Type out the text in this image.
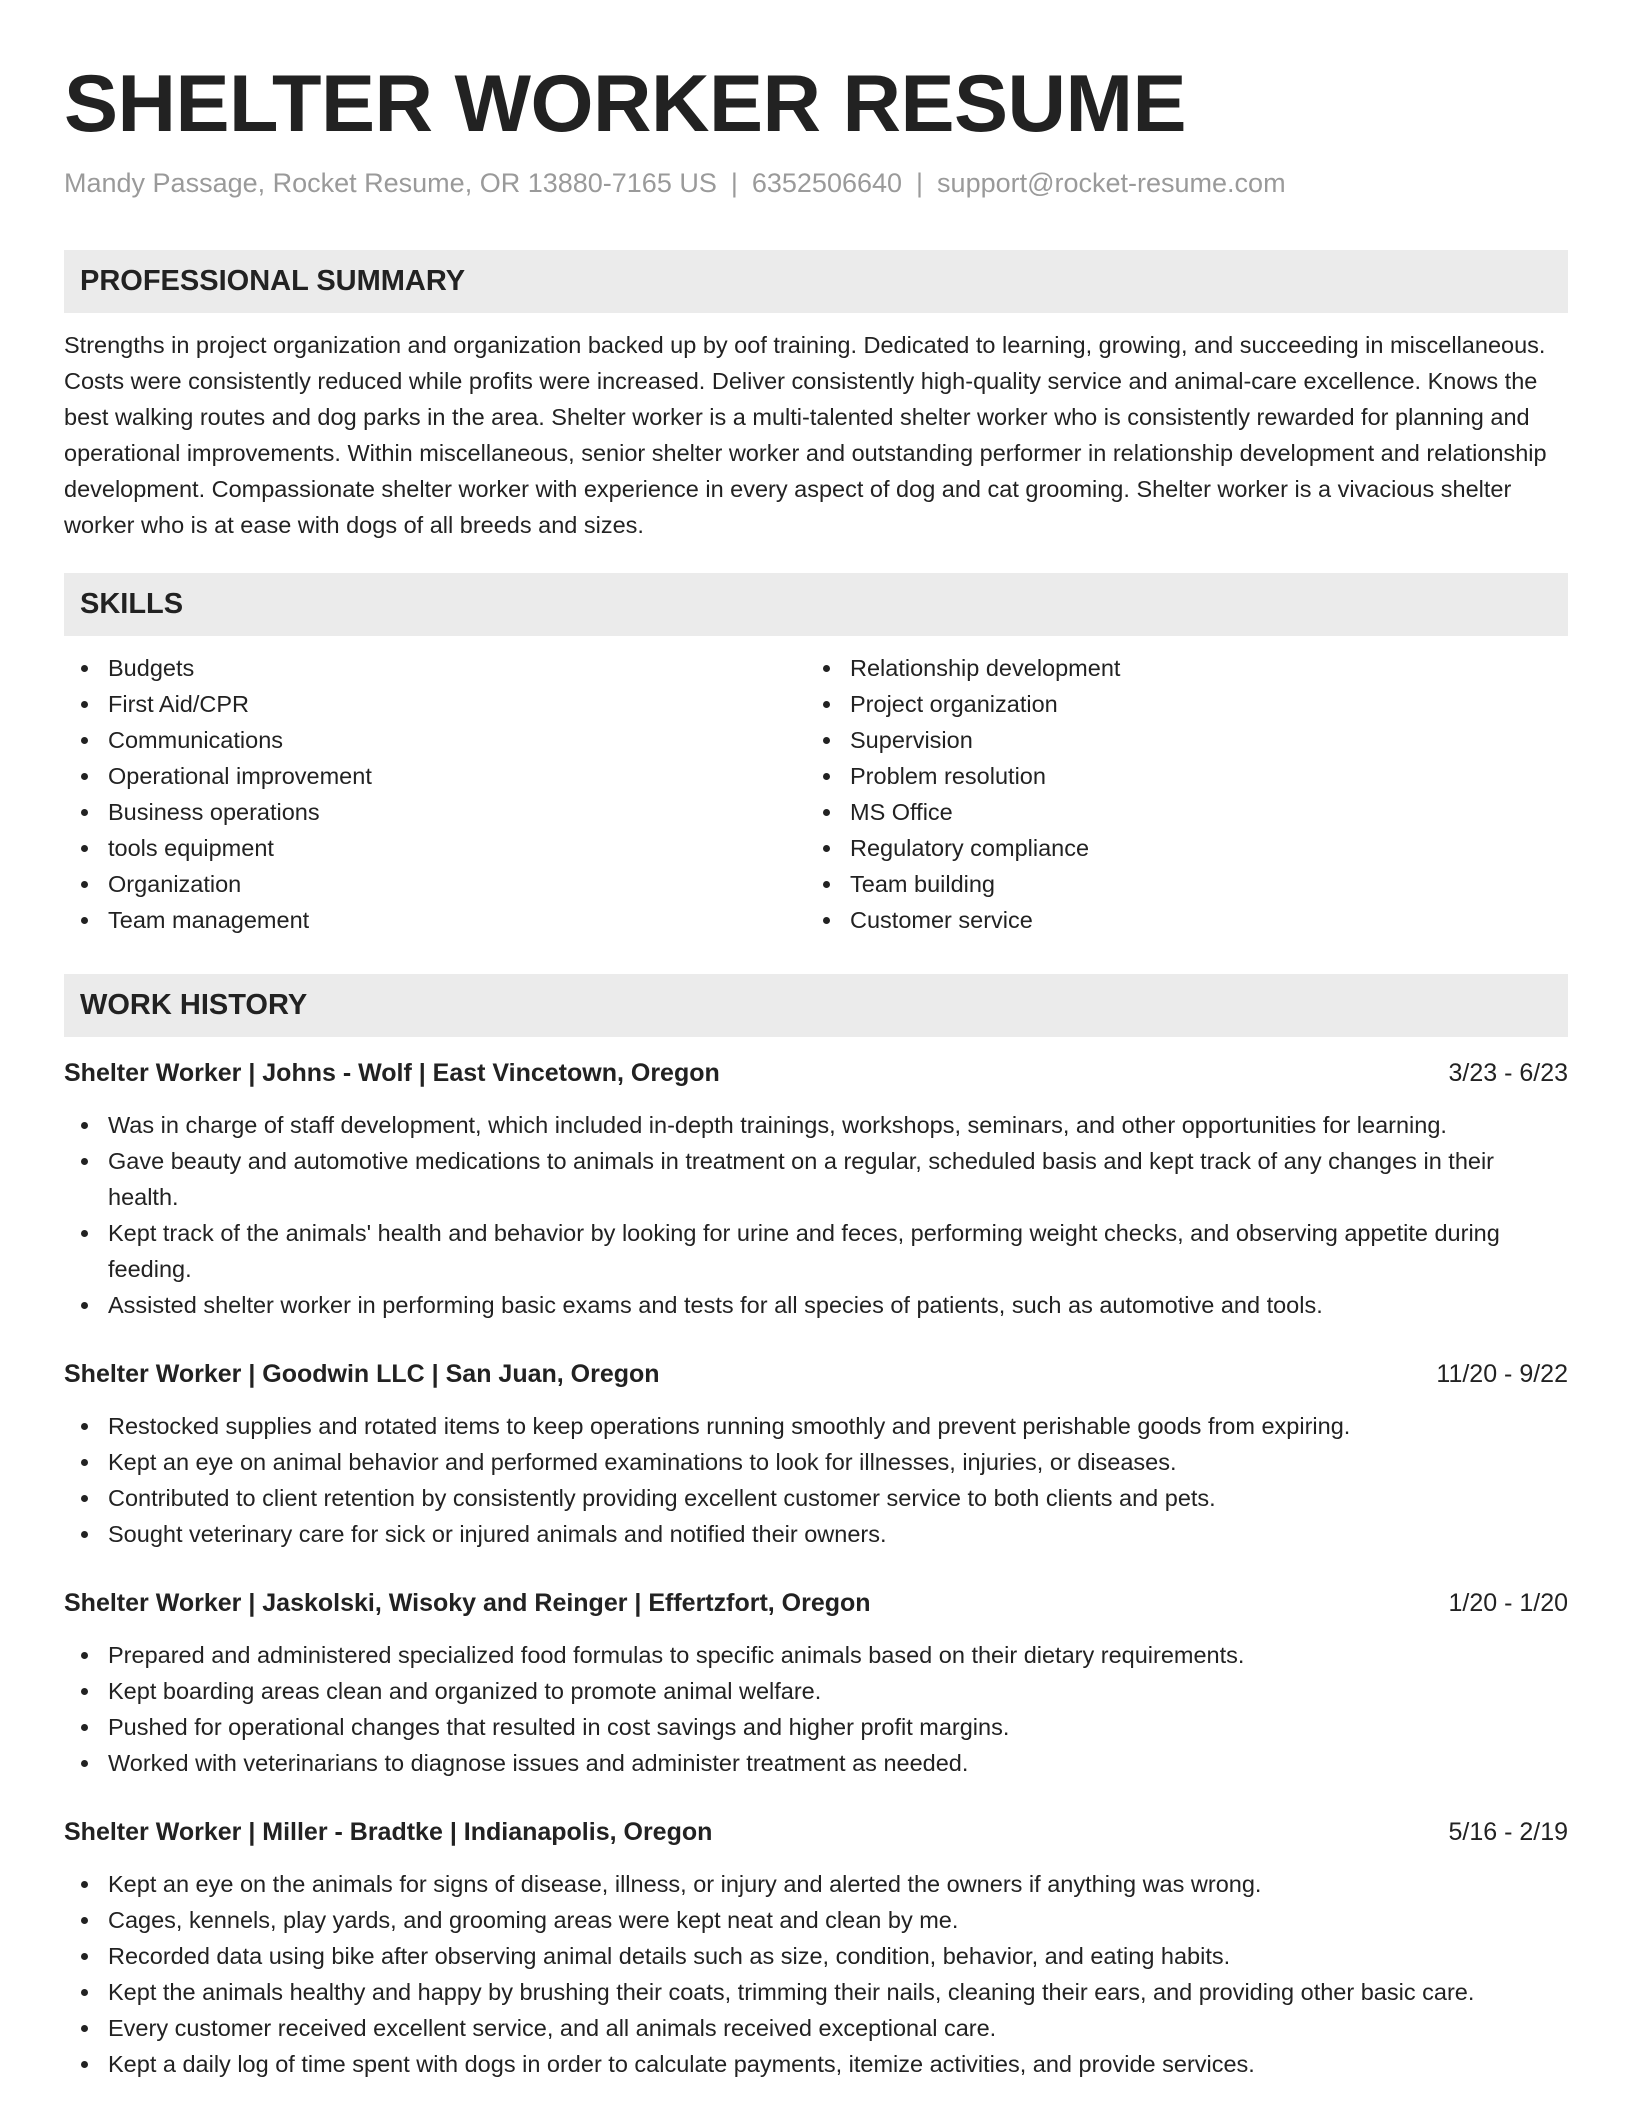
SHELTER WORKER RESUME
Mandy Passage, Rocket Resume, OR 13880-7165 US | 6352506640 | support@rocket-resume.com
PROFESSIONAL SUMMARY

Strengths in project organization and organization backed up by oof training. Dedicated to learning, growing, and succeeding in miscellaneous. Costs were consistently reduced while profits were increased. Deliver consistently high-quality service and animal-care excellence. Knows the best walking routes and dog parks in the area. Shelter worker is a multi-talented shelter worker who is consistently rewarded for planning and operational improvements. Within miscellaneous, senior shelter worker and outstanding performer in relationship development and relationship development. Compassionate shelter worker with experience in every aspect of dog and cat grooming. Shelter worker is a vivacious shelter worker who is at ease with dogs of all breeds and sizes.

SKILLS
Budgets
First Aid/CPR
Communications
Operational improvement
Business operations
tools equipment
Organization
Team management
Relationship development
Project organization
Supervision
Problem resolution
MS Office
Regulatory compliance
Team building
Customer service
WORK HISTORY
Shelter Worker | Johns - Wolf | East Vincetown, Oregon	3/23 - 6/23
Was in charge of staff development, which included in-depth trainings, workshops, seminars, and other opportunities for learning.
Gave beauty and automotive medications to animals in treatment on a regular, scheduled basis and kept track of any changes in their health.
Kept track of the animals' health and behavior by looking for urine and feces, performing weight checks, and observing appetite during feeding.
Assisted shelter worker in performing basic exams and tests for all species of patients, such as automotive and tools.
Shelter Worker | Goodwin LLC | San Juan, Oregon	11/20 - 9/22
Restocked supplies and rotated items to keep operations running smoothly and prevent perishable goods from expiring.
Kept an eye on animal behavior and performed examinations to look for illnesses, injuries, or diseases.
Contributed to client retention by consistently providing excellent customer service to both clients and pets.
Sought veterinary care for sick or injured animals and notified their owners.
Shelter Worker | Jaskolski, Wisoky and Reinger | Effertzfort, Oregon	1/20 - 1/20
Prepared and administered specialized food formulas to specific animals based on their dietary requirements.
Kept boarding areas clean and organized to promote animal welfare.
Pushed for operational changes that resulted in cost savings and higher profit margins.
Worked with veterinarians to diagnose issues and administer treatment as needed.
Shelter Worker | Miller - Bradtke | Indianapolis, Oregon	5/16 - 2/19
Kept an eye on the animals for signs of disease, illness, or injury and alerted the owners if anything was wrong.
Cages, kennels, play yards, and grooming areas were kept neat and clean by me.
Recorded data using bike after observing animal details such as size, condition, behavior, and eating habits.
Kept the animals healthy and happy by brushing their coats, trimming their nails, cleaning their ears, and providing other basic care.
Every customer received excellent service, and all animals received exceptional care.
Kept a daily log of time spent with dogs in order to calculate payments, itemize activities, and provide services.
